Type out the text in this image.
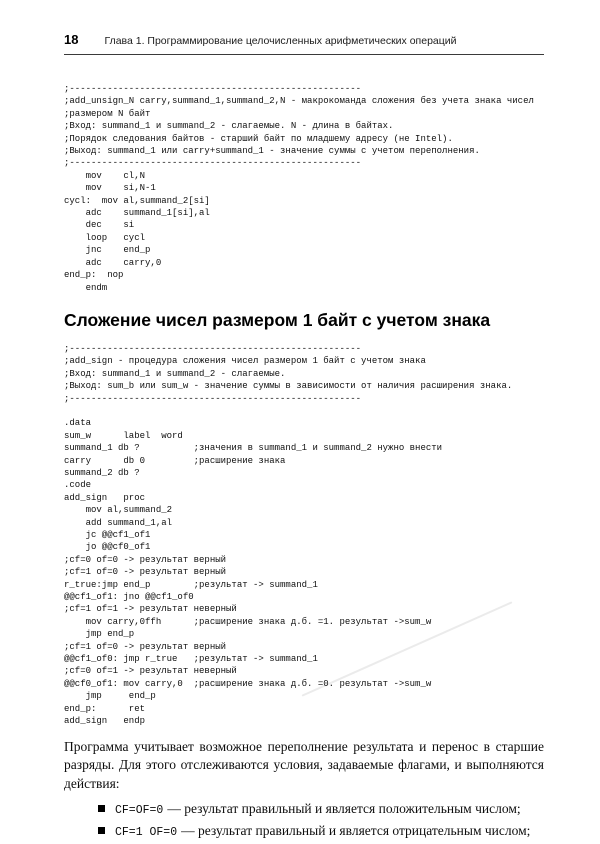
18 Глава 1. Программирование целочисленных арифметических операций
;------------------------------------------------------
;add_unsign_N carry,summand_1,summand_2,N - макрокоманда сложения без учета знака чисел
;размером N байт
;Вход: summand_1 и summand_2 - слагаемые. N - длина в байтах.
;Порядок следования байтов - старший байт по младшему адресу (не Intel).
;Выход: summand_1 или carry+summand_1 - значение суммы с учетом переполнения.
;------------------------------------------------------
mov    cl,N
mov    si,N-1
cycl:  mov al,summand_2[si]
adc    summand_1[si],al
dec    si
loop   cycl
jnc    end_p
adc    carry,0
end_p:  nop
endm
Сложение чисел размером 1 байт с учетом знака
;------------------------------------------------------
;add_sign - процедура сложения чисел размером 1 байт с учетом знака
;Вход: summand_1 и summand_2 - слагаемые.
;Выход: sum_b или sum_w - значение суммы в зависимости от наличия расширения знака.
;------------------------------------------------------

.data
sum_w      label  word
summand_1 db ?          ;значения в summand_1 и summand_2 нужно внести
carry      db 0         ;расширение знака
summand_2 db ?
.code
add_sign   proc
mov al,summand_2
add summand_1,al
jc @@cf1_of1
jo @@cf0_of1
;cf=0 of=0 -> результат верный
;cf=1 of=0 -> результат верный
r_true:jmp end_p        ;результат -> summand_1
@@cf1_of1: jno @@cf1_of0
;cf=1 of=1 -> результат неверный
mov carry,0ffh      ;расширение знака д.б. =1. результат ->sum_w
jmp end_p
;cf=1 of=0 -> результат верный
@@cf1_of0: jmp r_true   ;результат -> summand_1
;cf=0 of=1 -> результат неверный
@@cf0_of1: mov carry,0  ;расширение знака д.б. =0. результат ->sum_w
jmp     end_p
end_p:      ret
add_sign   endp
Программа учитывает возможное переполнение результата и перенос в старшие разряды. Для этого отслеживаются условия, задаваемые флагами, и выполняются действия:
CF=OF=0 — результат правильный и является положительным числом;
CF=1 OF=0 — результат правильный и является отрицательным числом;
